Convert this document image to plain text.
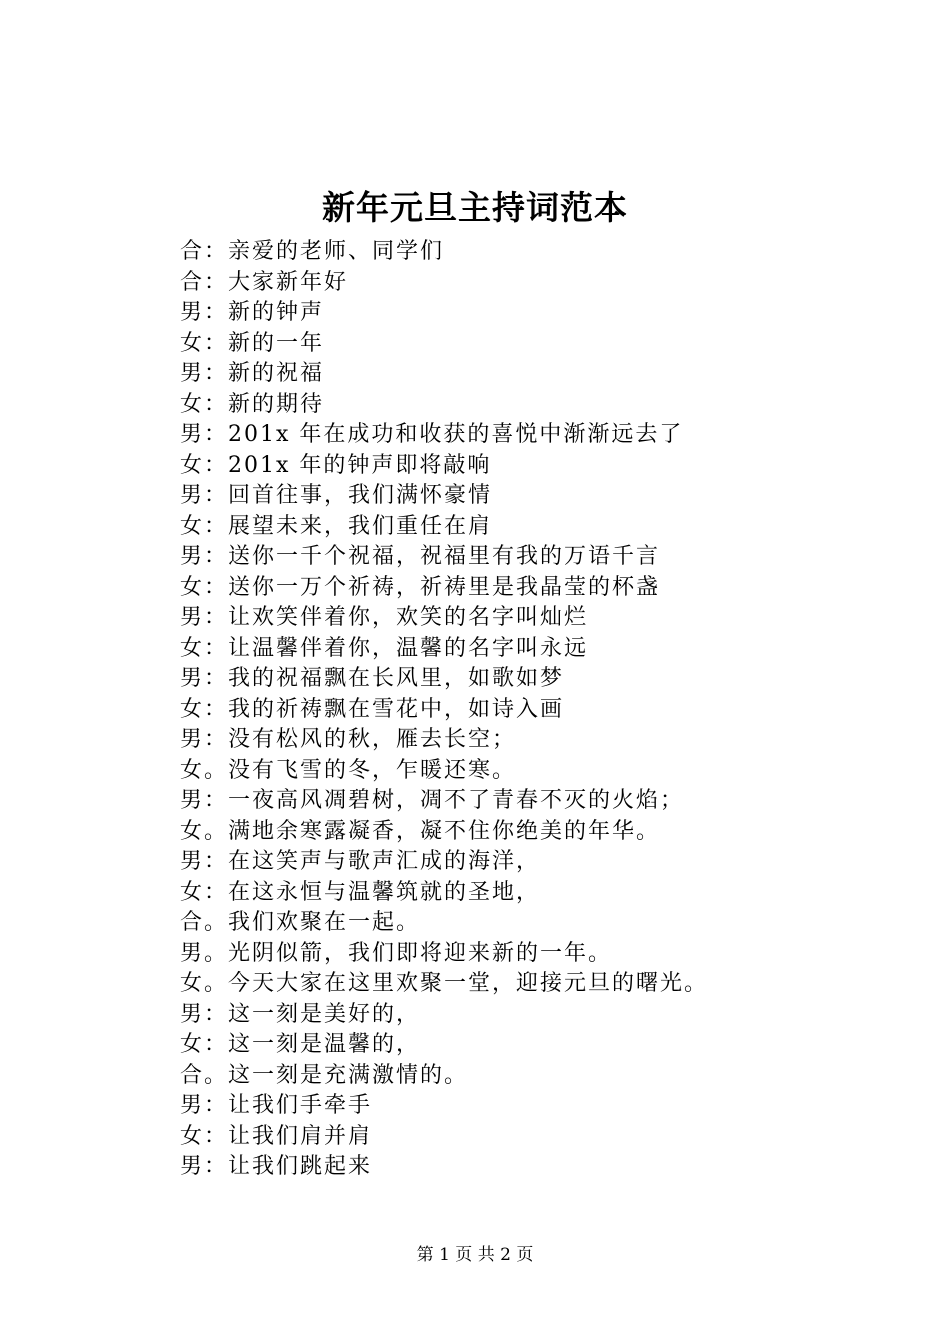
新年元旦主持词范本
合：亲爱的老师、同学们
合：大家新年好
男：新的钟声
女：新的一年
男：新的祝福
女：新的期待
男：201x 年在成功和收获的喜悦中渐渐远去了
女：201x 年的钟声即将敲响
男：回首往事，我们满怀豪情
女：展望未来，我们重任在肩
男：送你一千个祝福，祝福里有我的万语千言
女：送你一万个祈祷，祈祷里是我晶莹的杯盏
男：让欢笑伴着你，欢笑的名字叫灿烂
女：让温馨伴着你，温馨的名字叫永远
男：我的祝福飘在长风里，如歌如梦
女：我的祈祷飘在雪花中，如诗入画
男：没有松风的秋，雁去长空；
女。没有飞雪的冬，乍暖还寒。
男：一夜高风凋碧树，凋不了青春不灭的火焰；
女。满地余寒露凝香，凝不住你绝美的年华。
男：在这笑声与歌声汇成的海洋，
女：在这永恒与温馨筑就的圣地，
合。我们欢聚在一起。
男。光阴似箭，我们即将迎来新的一年。
女。今天大家在这里欢聚一堂，迎接元旦的曙光。
男：这一刻是美好的，
女：这一刻是温馨的，
合。这一刻是充满激情的。
男：让我们手牵手
女：让我们肩并肩
男：让我们跳起来
第 1 页 共 2 页
